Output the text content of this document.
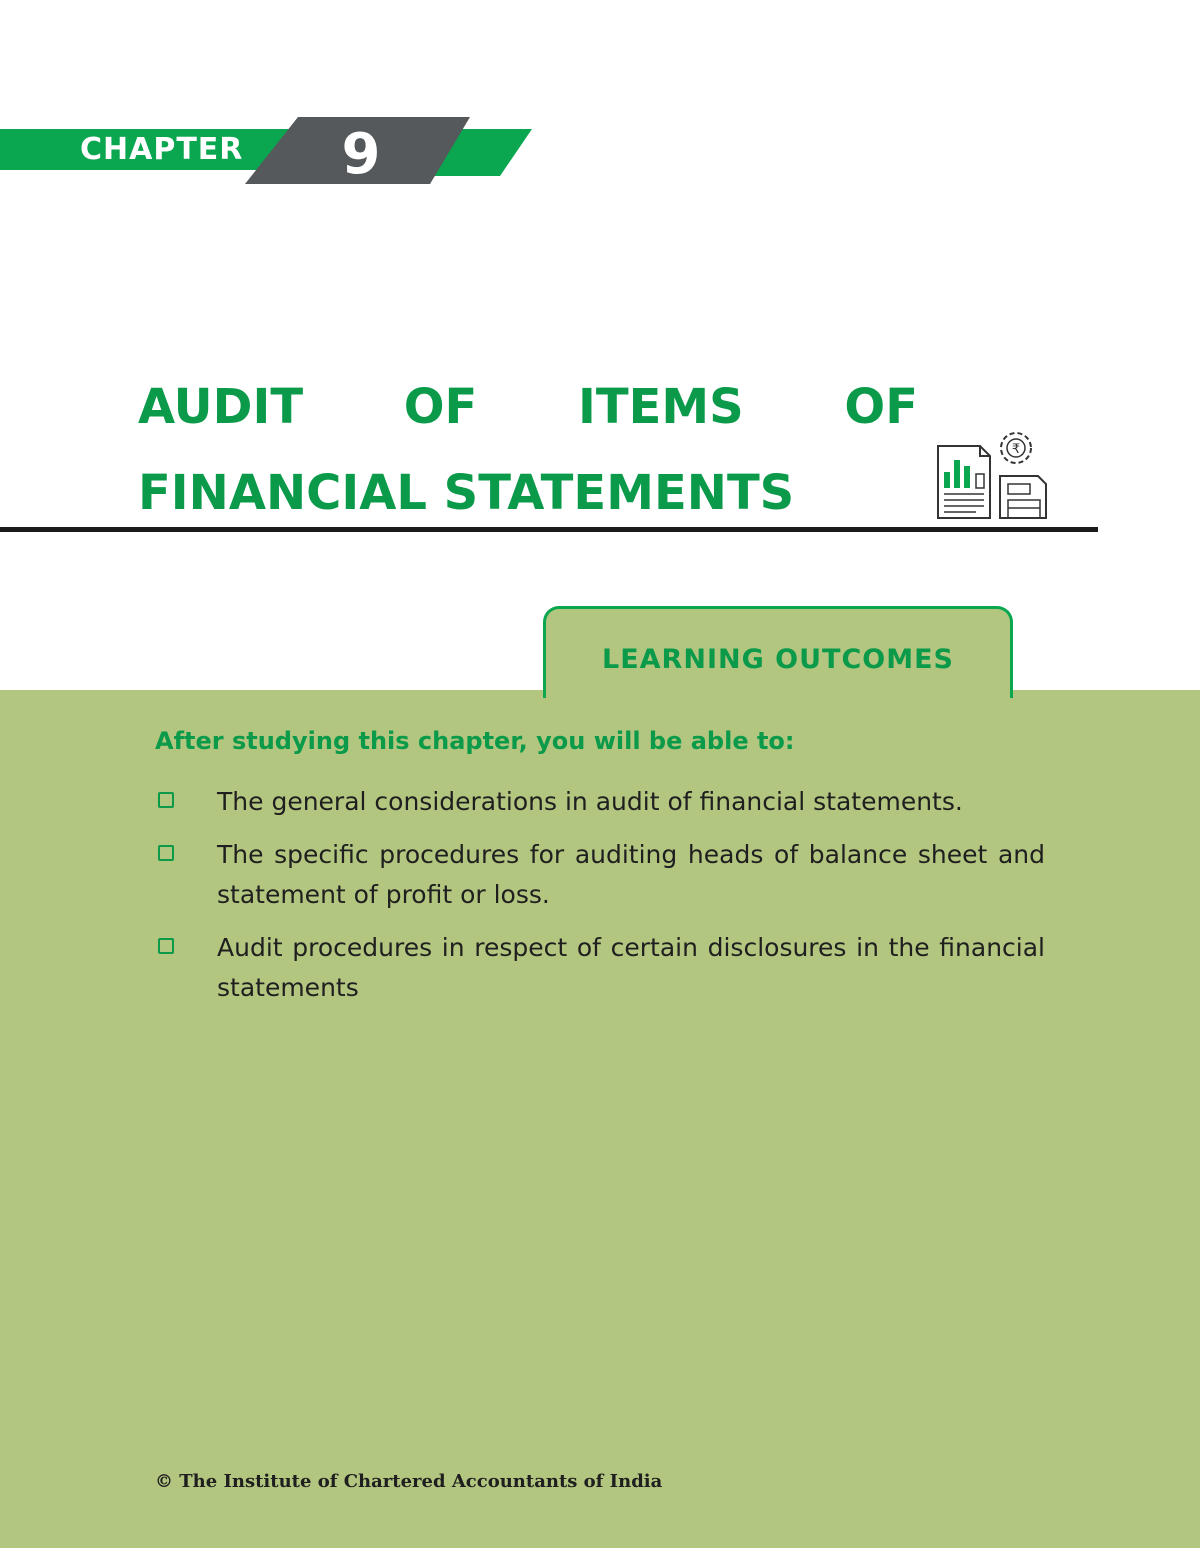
CHAPTER 9
AUDIT OF ITEMS OF
FINANCIAL STATEMENTS
₹
LEARNING OUTCOMES
After studying this chapter, you will be able to:
The general considerations in audit of financial statements.
The specific procedures for auditing heads of balance sheet and statement of profit or loss.
Audit procedures in respect of certain disclosures in the financial statements
© The Institute of Chartered Accountants of India
